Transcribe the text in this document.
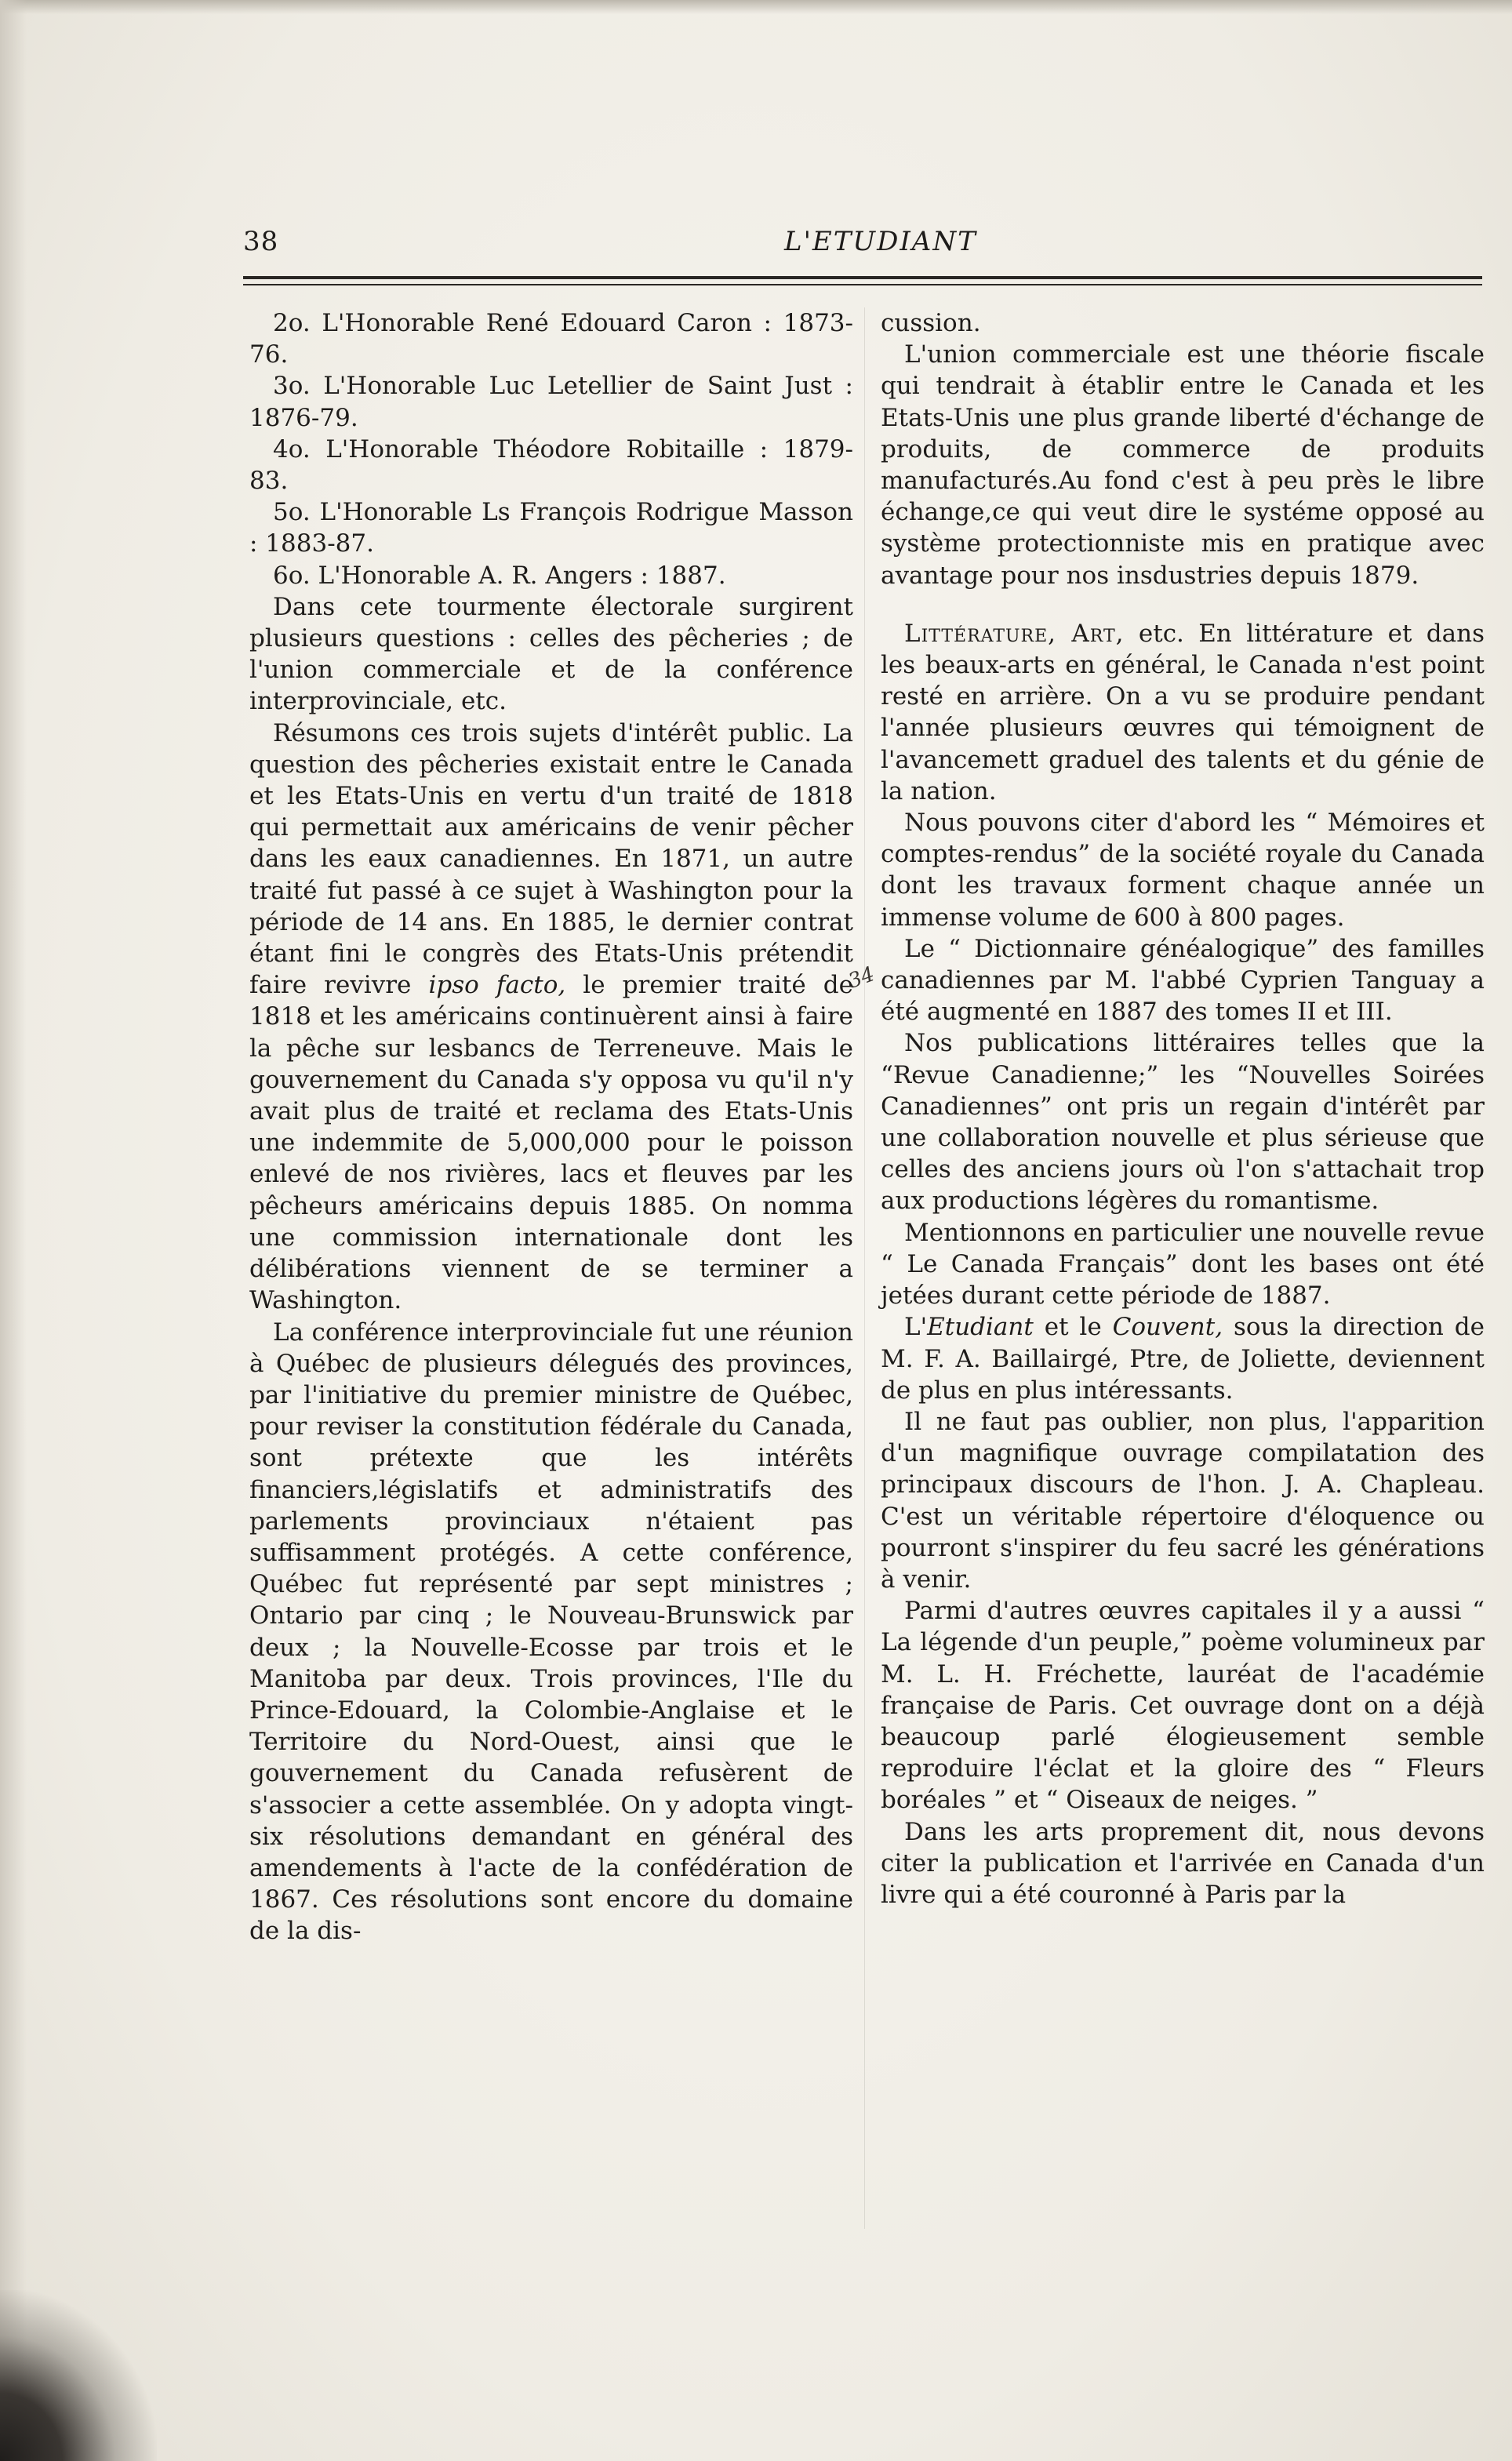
38	L'ETUDIANT
34

2o. L'Honorable René Edouard Caron : 1873-76.

3o. L'Honorable Luc Letellier de Saint Just : 1876-79.

4o. L'Honorable Théodore Robitaille : 1879-83.

5o. L'Honorable Ls François Rodrigue Masson : 1883-87.

6o. L'Honorable A. R. Angers : 1887.

Dans cete tourmente électorale surgirent plusieurs questions : celles des pêcheries ; de l'union commerciale et de la conférence interprovinciale, etc.

Résumons ces trois sujets d'intérêt public. La question des pêcheries existait entre le Canada et les Etats-Unis en vertu d'un traité de 1818 qui permettait aux américains de venir pêcher dans les eaux canadiennes. En 1871, un autre traité fut passé à ce sujet à Washington pour la période de 14 ans. En 1885, le dernier contrat étant fini le congrès des Etats-Unis prétendit faire revivre ipso facto, le premier traité de 1818 et les américains continuèrent ainsi à faire la pêche sur lesbancs de Terreneuve. Mais le gouvernement du Canada s'y opposa vu qu'il n'y avait plus de traité et reclama des Etats-Unis une indemmite de 5,000,000 pour le poisson enlevé de nos rivières, lacs et fleuves par les pêcheurs américains depuis 1885. On nomma une commission internationale dont les délibérations viennent de se terminer a Washington.

La conférence interprovinciale fut une réunion à Québec de plusieurs délegués des provinces, par l'initiative du premier ministre de Québec, pour reviser la constitution fédérale du Canada, sont prétexte que les intérêts financiers,législatifs et administratifs des parlements provinciaux n'étaient pas suffisamment protégés. A cette conférence, Québec fut représenté par sept ministres ; Ontario par cinq ; le Nouveau-Brunswick par deux ; la Nouvelle-Ecosse par trois et le Manitoba par deux. Trois provinces, l'Ile du Prince-Edouard, la Colombie-Anglaise et le Territoire du Nord-Ouest, ainsi que le gouvernement du Canada refusèrent de s'associer a cette assemblée. On y adopta vingt-six résolutions demandant en général des amendements à l'acte de la confédération de 1867. Ces résolutions sont encore du domaine de la dis-

cussion.

L'union commerciale est une théorie fiscale qui tendrait à établir entre le Canada et les Etats-Unis une plus grande liberté d'échange de produits, de commerce de produits manufacturés.Au fond c'est à peu près le libre échange,ce qui veut dire le systéme opposé au système protectionniste mis en pratique avec avantage pour nos insdustries depuis 1879.

Littérature, Art, etc. En littérature et dans les beaux-arts en général, le Canada n'est point resté en arrière. On a vu se produire pendant l'année plusieurs œuvres qui témoignent de l'avancemett graduel des talents et du génie de la nation.

Nous pouvons citer d'abord les “ Mémoires et comptes-rendus” de la société royale du Canada dont les travaux forment chaque année un immense volume de 600 à 800 pages.

Le “ Dictionnaire généalogique” des familles canadiennes par M. l'abbé Cyprien Tanguay a été augmenté en 1887 des tomes II et III.

Nos publications littéraires telles que la “Revue Canadienne;” les “Nouvelles Soirées Canadiennes” ont pris un regain d'intérêt par une collaboration nouvelle et plus sérieuse que celles des anciens jours où l'on s'attachait trop aux productions légères du romantisme.

Mentionnons en particulier une nouvelle revue “ Le Canada Français” dont les bases ont été jetées durant cette période de 1887.

L'Etudiant et le Couvent, sous la direction de M. F. A. Baillairgé, Ptre, de Joliette, deviennent de plus en plus intéressants.

Il ne faut pas oublier, non plus, l'apparition d'un magnifique ouvrage compilatation des principaux discours de l'hon. J. A. Chapleau. C'est un véritable répertoire d'éloquence ou pourront s'inspirer du feu sacré les générations à venir.

Parmi d'autres œuvres capitales il y a aussi “ La légende d'un peuple,” poème volumineux par M. L. H. Fréchette, lauréat de l'académie française de Paris. Cet ouvrage dont on a déjà beaucoup parlé élogieusement semble reproduire l'éclat et la gloire des “ Fleurs boréales ” et “ Oiseaux de neiges. ”

Dans les arts proprement dit, nous devons citer la publication et l'arrivée en Canada d'un livre qui a été couronné à Paris par la
